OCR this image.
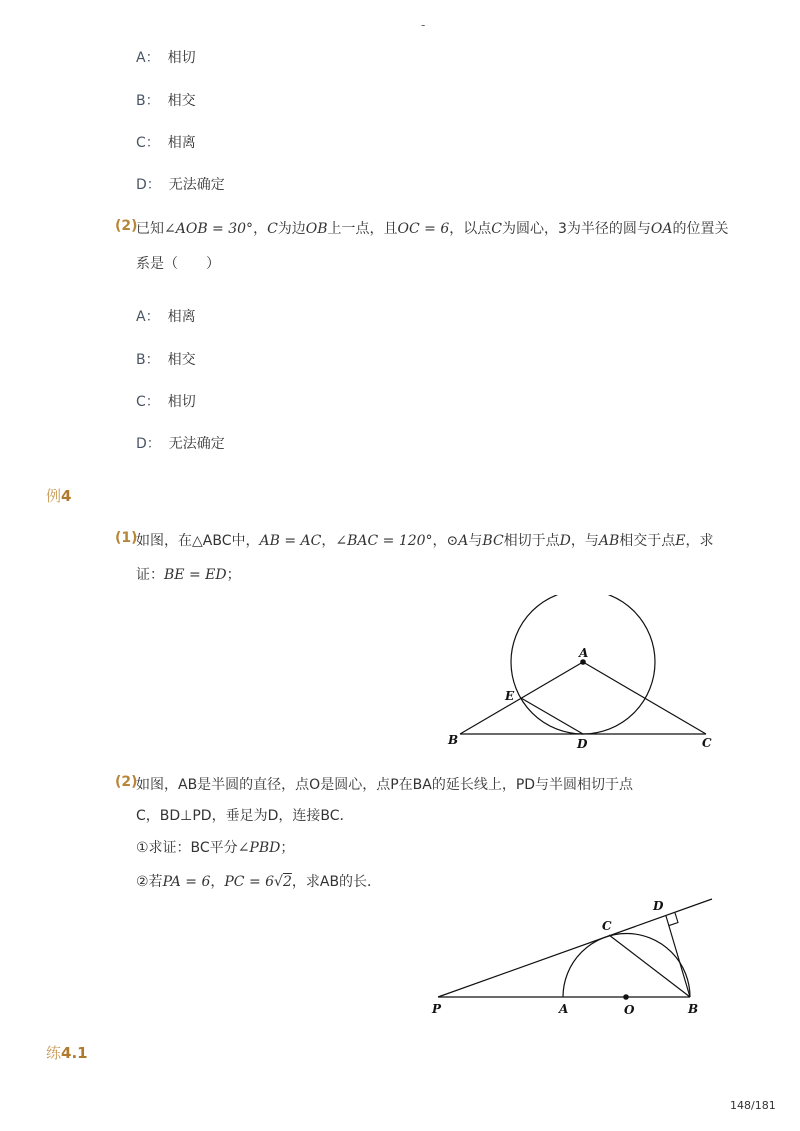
-
A： 相切
B： 相交
C： 相离
D： 无法确定
(2)
已知∠AOB = 30°，C为边OB上一点，且OC = 6，以点C为圆心，3为半径的圆与OA的位置关
系是（　　）
A： 相离
B： 相交
C： 相切
D： 无法确定
例4
(1)
如图，在△ABC中，AB = AC，∠BAC = 120°，⊙A与BC相切于点D，与AB相交于点E，求
证：BE = ED；
A
E
B	D	C
(2)
如图，AB是半圆的直径，点O是圆心，点P在BA的延长线上，PD与半圆相切于点
C，BD⊥PD，垂足为D，连接BC．
①求证：BC平分∠PBD；
②若PA = 6，PC = 6√2，求AB的长．
D
C
P	A	O	B
练4.1
148/181
